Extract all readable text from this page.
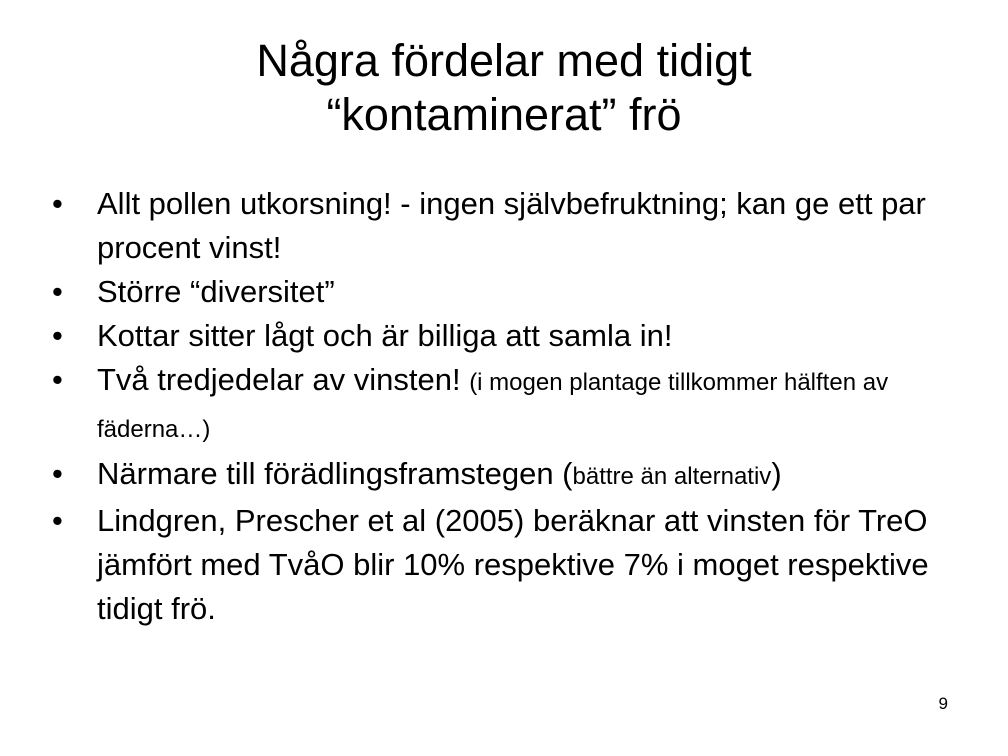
Några fördelar med tidigt
“kontaminerat” frö
•	Allt pollen utkorsning! - ingen självbefruktning; kan ge ett par procent vinst!
•	Större “diversitet”
•	Kottar sitter lågt och är billiga att samla in!
•	Två tredjedelar av vinsten! (i mogen plantage tillkommer hälften av fäderna…)
•	Närmare till förädlingsframstegen (bättre än alternativ)
•	Lindgren, Prescher et al (2005) beräknar att vinsten för TreO jämfört med TvåO blir 10% respektive 7% i moget respektive tidigt frö.
9
